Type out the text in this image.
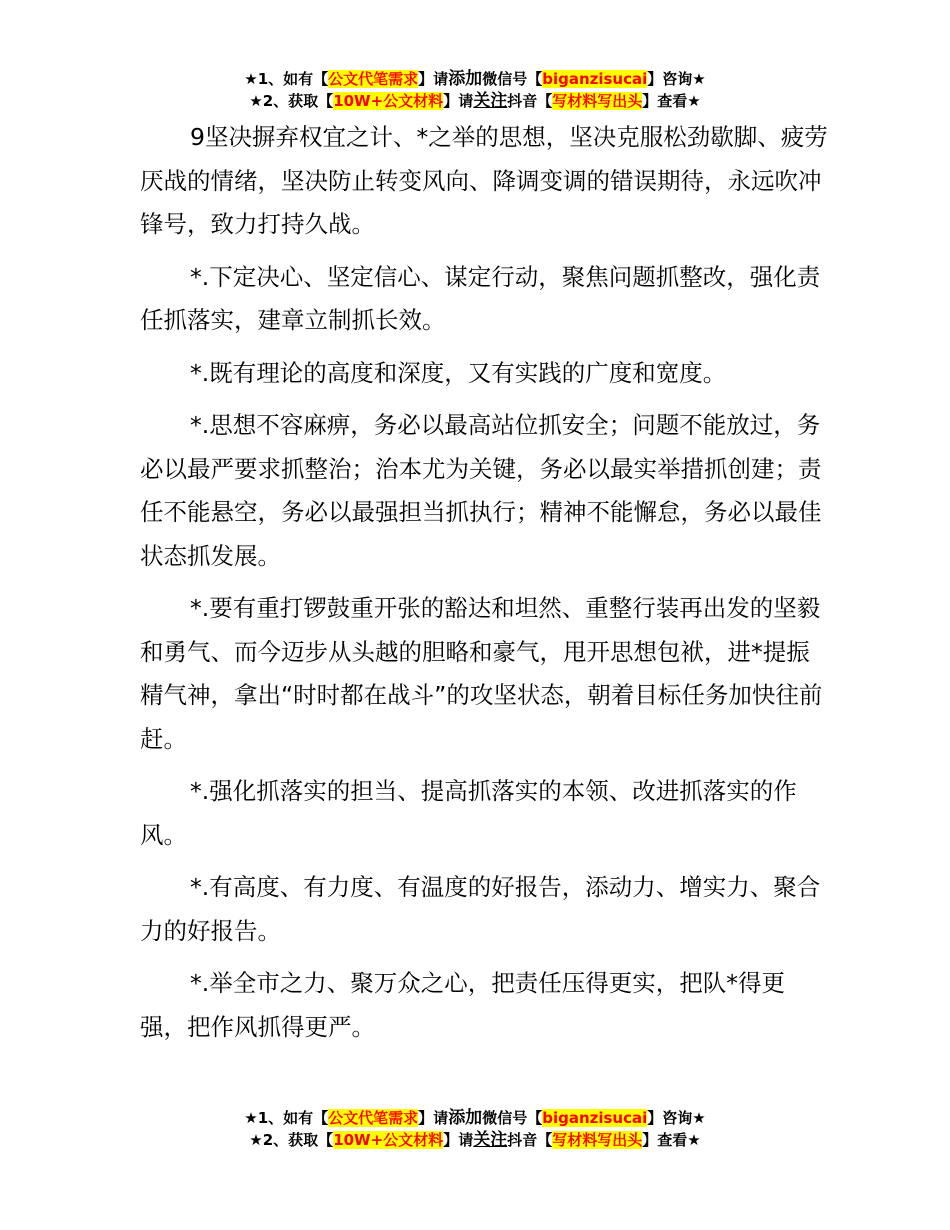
★1、如有【公文代笔需求】请添加微信号【biganzisucai】咨询★
★2、获取【10W+公文材料】请关注抖音【写材料写出头】查看★

9坚决摒弃权宜之计、*之举的思想，坚决克服松劲歇脚、疲劳厌战的情绪，坚决防止转变风向、降调变调的错误期待，永远吹冲锋号，致力打持久战。

*.下定决心、坚定信心、谋定行动，聚焦问题抓整改，强化责任抓落实，建章立制抓长效。

*.既有理论的高度和深度，又有实践的广度和宽度。

*.思想不容麻痹，务必以最高站位抓安全；问题不能放过，务必以最严要求抓整治；治本尤为关键，务必以最实举措抓创建；责任不能悬空，务必以最强担当抓执行；精神不能懈怠，务必以最佳状态抓发展。

*.要有重打锣鼓重开张的豁达和坦然、重整行装再出发的坚毅和勇气、而今迈步从头越的胆略和豪气，甩开思想包袱，进*提振精气神，拿出“时时都在战斗”的攻坚状态，朝着目标任务加快往前赶。

*.强化抓落实的担当、提高抓落实的本领、改进抓落实的作风。

*.有高度、有力度、有温度的好报告，添动力、增实力、聚合力的好报告。

*.举全市之力、聚万众之心，把责任压得更实，把队*得更强，把作风抓得更严。

★1、如有【公文代笔需求】请添加微信号【biganzisucai】咨询★
★2、获取【10W+公文材料】请关注抖音【写材料写出头】查看★
